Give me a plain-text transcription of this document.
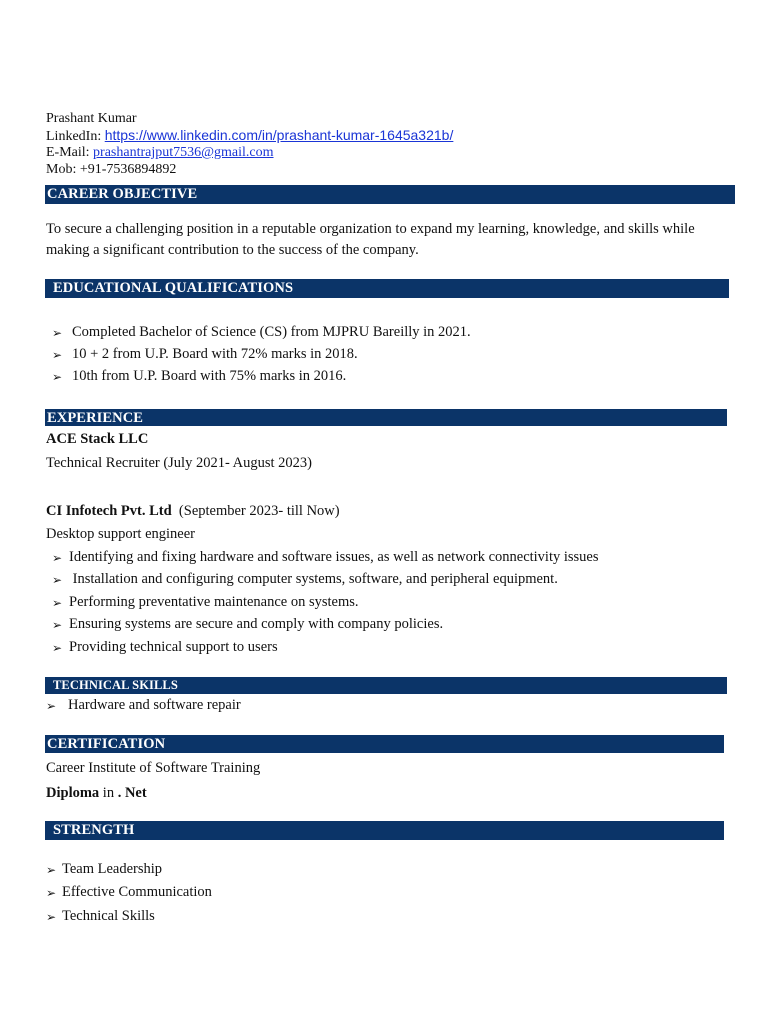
Prashant Kumar
LinkedIn: https://www.linkedin.com/in/prashant-kumar-1645a321b/
E-Mail: prashantrajput7536@gmail.com
Mob: +91-7536894892
CAREER OBJECTIVE
To secure a challenging position in a reputable organization to expand my learning, knowledge, and skills while
making a significant contribution to the success of the company.
EDUCATIONAL QUALIFICATIONS
➢ Completed Bachelor of Science (CS) from MJPRU Bareilly in 2021.
➢ 10 + 2 from U.P. Board with 72% marks in 2018.
➢ 10th from U.P. Board with 75% marks in 2016.
EXPERIENCE
ACE Stack LLC
Technical Recruiter (July 2021- August 2023)
CI Infotech Pvt. Ltd (September 2023- till Now)
Desktop support engineer
➢ Identifying and fixing hardware and software issues, as well as network connectivity issues
➢ Installation and configuring computer systems, software, and peripheral equipment.
➢ Performing preventative maintenance on systems.
➢ Ensuring systems are secure and comply with company policies.
➢ Providing technical support to users
TECHNICAL SKILLS
➢ Hardware and software repair
CERTIFICATION
Career Institute of Software Training
Diploma in . Net
STRENGTH
➢ Team Leadership
➢ Effective Communication
➢ Technical Skills
